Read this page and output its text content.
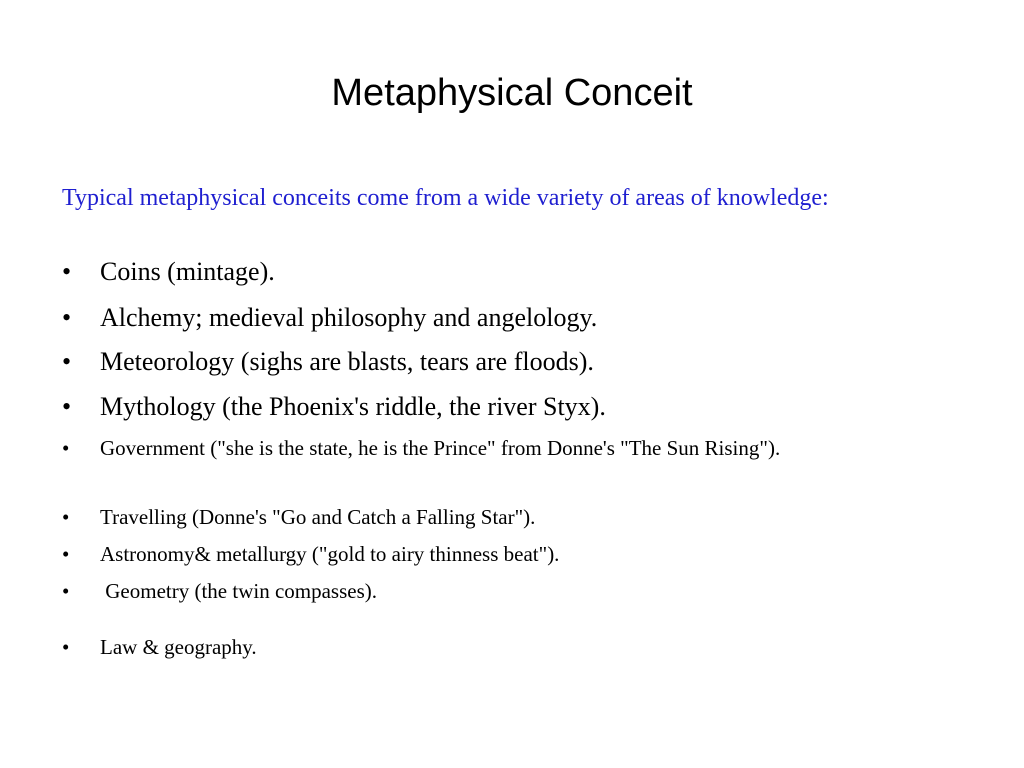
Metaphysical Conceit

Typical metaphysical conceits come from a wide variety of areas of knowledge:

• Coins (mintage).
• Alchemy; medieval philosophy and angelology.
• Meteorology (sighs are blasts, tears are floods).
• Mythology (the Phoenix's riddle, the river Styx).
• Government ("she is the state, he is the Prince" from Donne's "The Sun Rising").
• Travelling (Donne's "Go and Catch a Falling Star").
• Astronomy& metallurgy ("gold to airy thinness beat").
• Geometry (the twin compasses).
• Law & geography.
